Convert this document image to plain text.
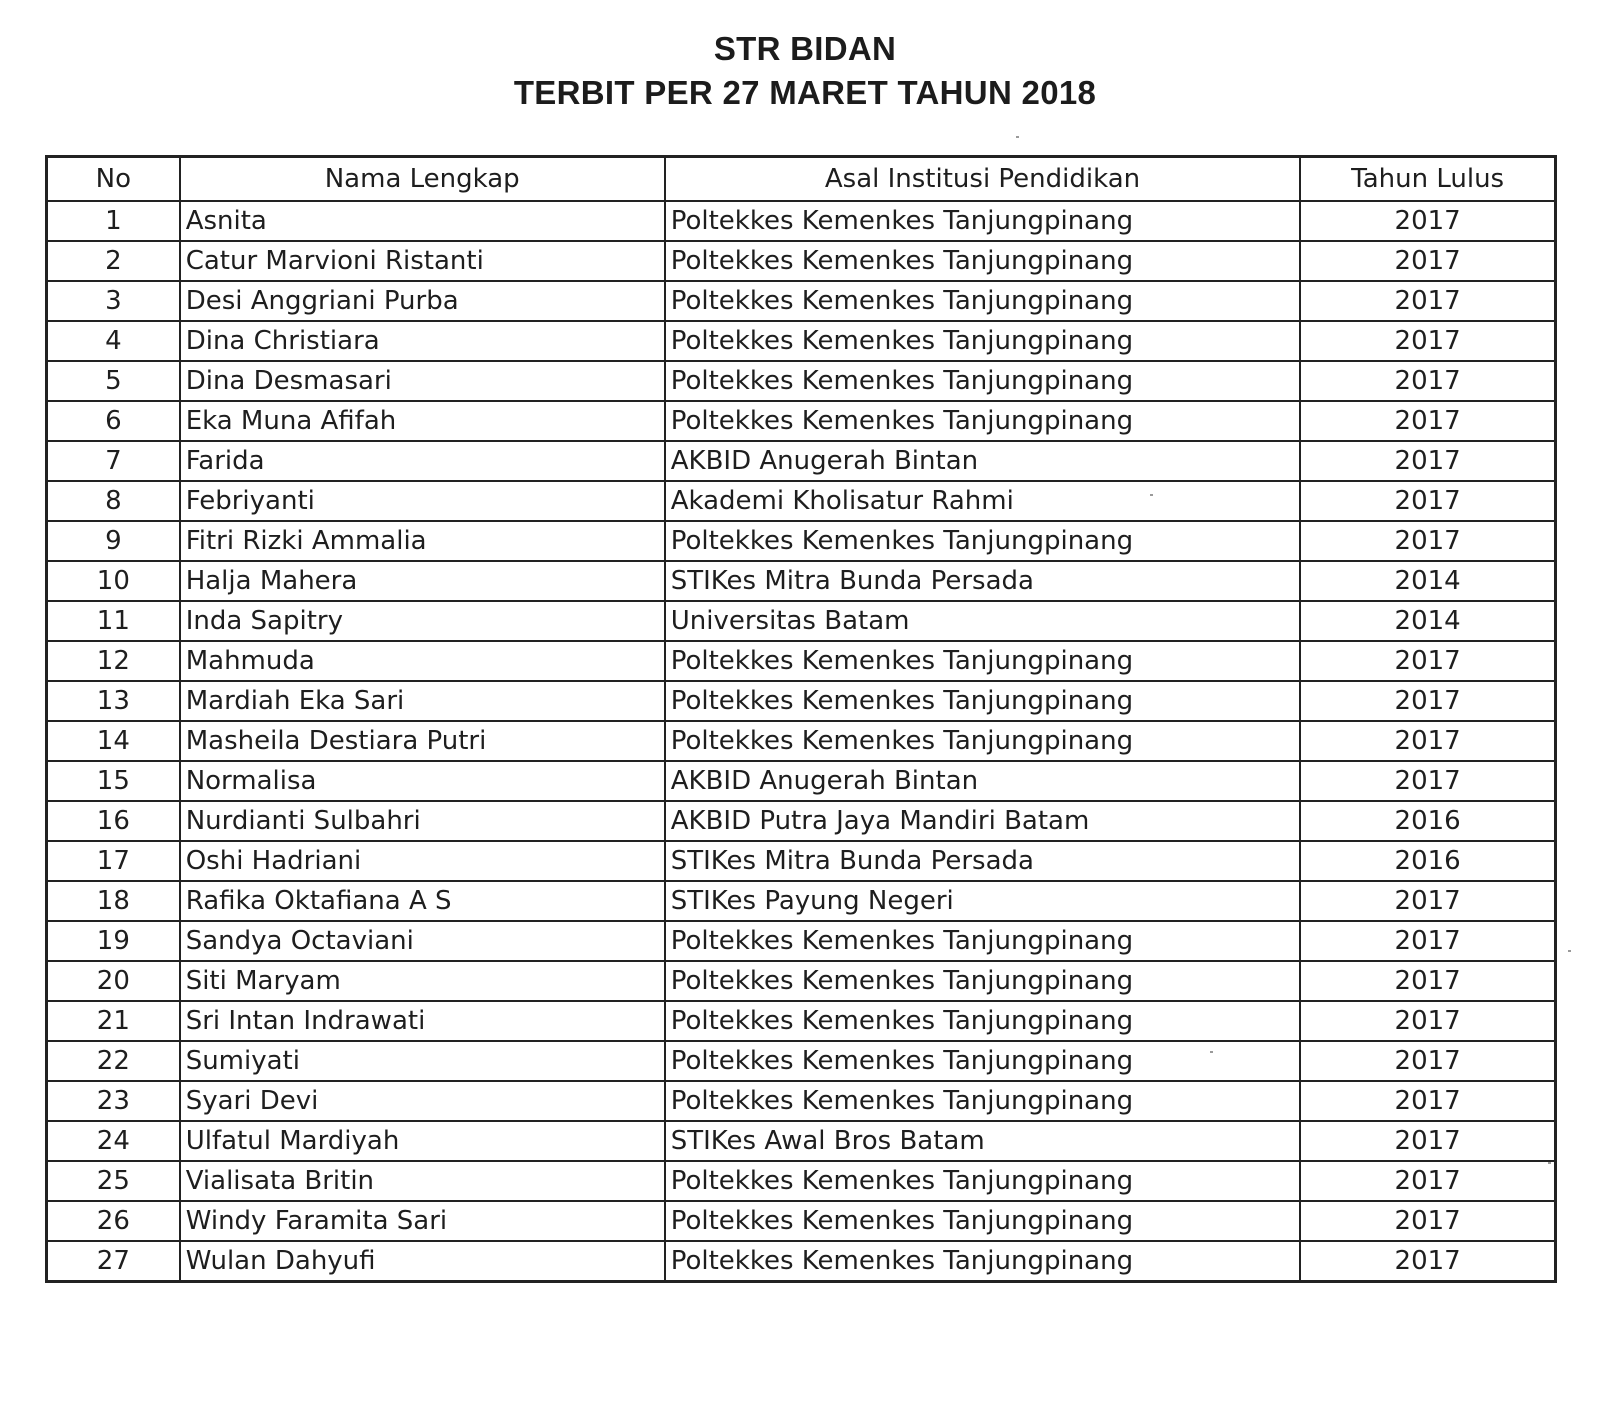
STR BIDAN
TERBIT PER 27 MARET TAHUN 2018
No	Nama Lengkap	Asal Institusi Pendidikan	Tahun Lulus
1	Asnita	Poltekkes Kemenkes Tanjungpinang	2017
2	Catur Marvioni Ristanti	Poltekkes Kemenkes Tanjungpinang	2017
3	Desi Anggriani Purba	Poltekkes Kemenkes Tanjungpinang	2017
4	Dina Christiara	Poltekkes Kemenkes Tanjungpinang	2017
5	Dina Desmasari	Poltekkes Kemenkes Tanjungpinang	2017
6	Eka Muna Afifah	Poltekkes Kemenkes Tanjungpinang	2017
7	Farida	AKBID Anugerah Bintan	2017
8	Febriyanti	Akademi Kholisatur Rahmi	2017
9	Fitri Rizki Ammalia	Poltekkes Kemenkes Tanjungpinang	2017
10	Halja Mahera	STIKes Mitra Bunda Persada	2014
11	Inda Sapitry	Universitas Batam	2014
12	Mahmuda	Poltekkes Kemenkes Tanjungpinang	2017
13	Mardiah Eka Sari	Poltekkes Kemenkes Tanjungpinang	2017
14	Masheila Destiara Putri	Poltekkes Kemenkes Tanjungpinang	2017
15	Normalisa	AKBID Anugerah Bintan	2017
16	Nurdianti Sulbahri	AKBID Putra Jaya Mandiri Batam	2016
17	Oshi Hadriani	STIKes Mitra Bunda Persada	2016
18	Rafika Oktafiana A S	STIKes Payung Negeri	2017
19	Sandya Octaviani	Poltekkes Kemenkes Tanjungpinang	2017
20	Siti Maryam	Poltekkes Kemenkes Tanjungpinang	2017
21	Sri Intan Indrawati	Poltekkes Kemenkes Tanjungpinang	2017
22	Sumiyati	Poltekkes Kemenkes Tanjungpinang	2017
23	Syari Devi	Poltekkes Kemenkes Tanjungpinang	2017
24	Ulfatul Mardiyah	STIKes Awal Bros Batam	2017
25	Vialisata Britin	Poltekkes Kemenkes Tanjungpinang	2017
26	Windy Faramita Sari	Poltekkes Kemenkes Tanjungpinang	2017
27	Wulan Dahyufi	Poltekkes Kemenkes Tanjungpinang	2017
